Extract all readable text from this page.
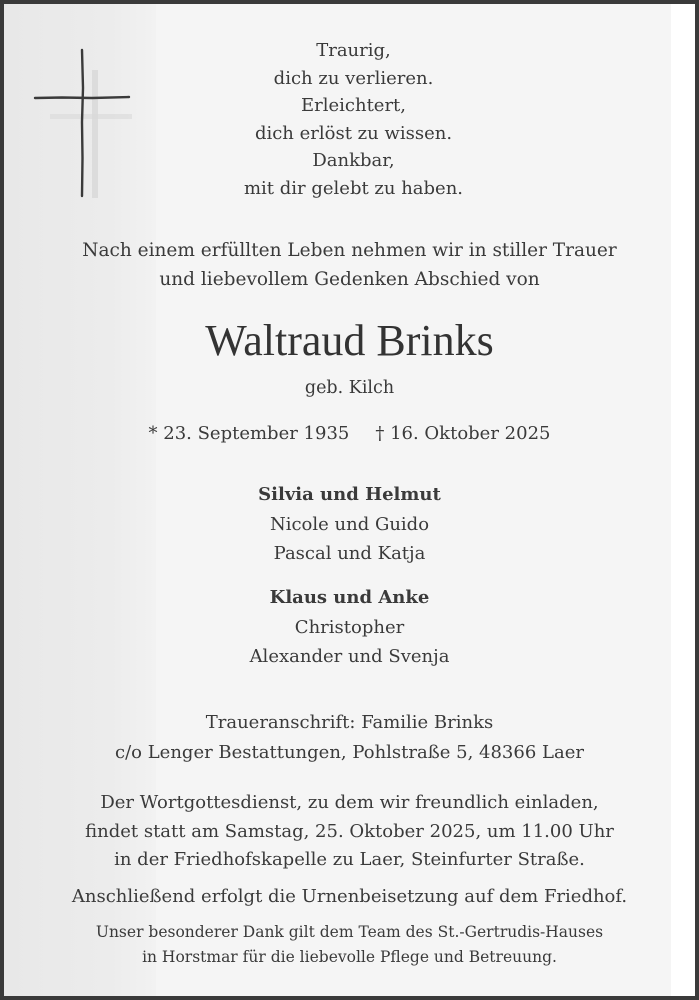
Traurig,
dich zu verlieren.
Erleichtert,
dich erlöst zu wissen.
Dankbar,
mit dir gelebt zu haben.
Nach einem erfüllten Leben nehmen wir in stiller Trauer
und liebevollem Gedenken Abschied von
Waltraud Brinks
geb. Kilch
* 23. September 1935 † 16. Oktober 2025
Silvia und Helmut
Nicole und Guido
Pascal und Katja
Klaus und Anke
Christopher
Alexander und Svenja
Traueranschrift: Familie Brinks
c/o Lenger Bestattungen, Pohlstraße 5, 48366 Laer
Der Wortgottesdienst, zu dem wir freundlich einladen,
findet statt am Samstag, 25. Oktober 2025, um 11.00 Uhr
in der Friedhofskapelle zu Laer, Steinfurter Straße.
Anschließend erfolgt die Urnenbeisetzung auf dem Friedhof.
Unser besonderer Dank gilt dem Team des St.-Gertrudis-Hauses
in Horstmar für die liebevolle Pflege und Betreuung.
